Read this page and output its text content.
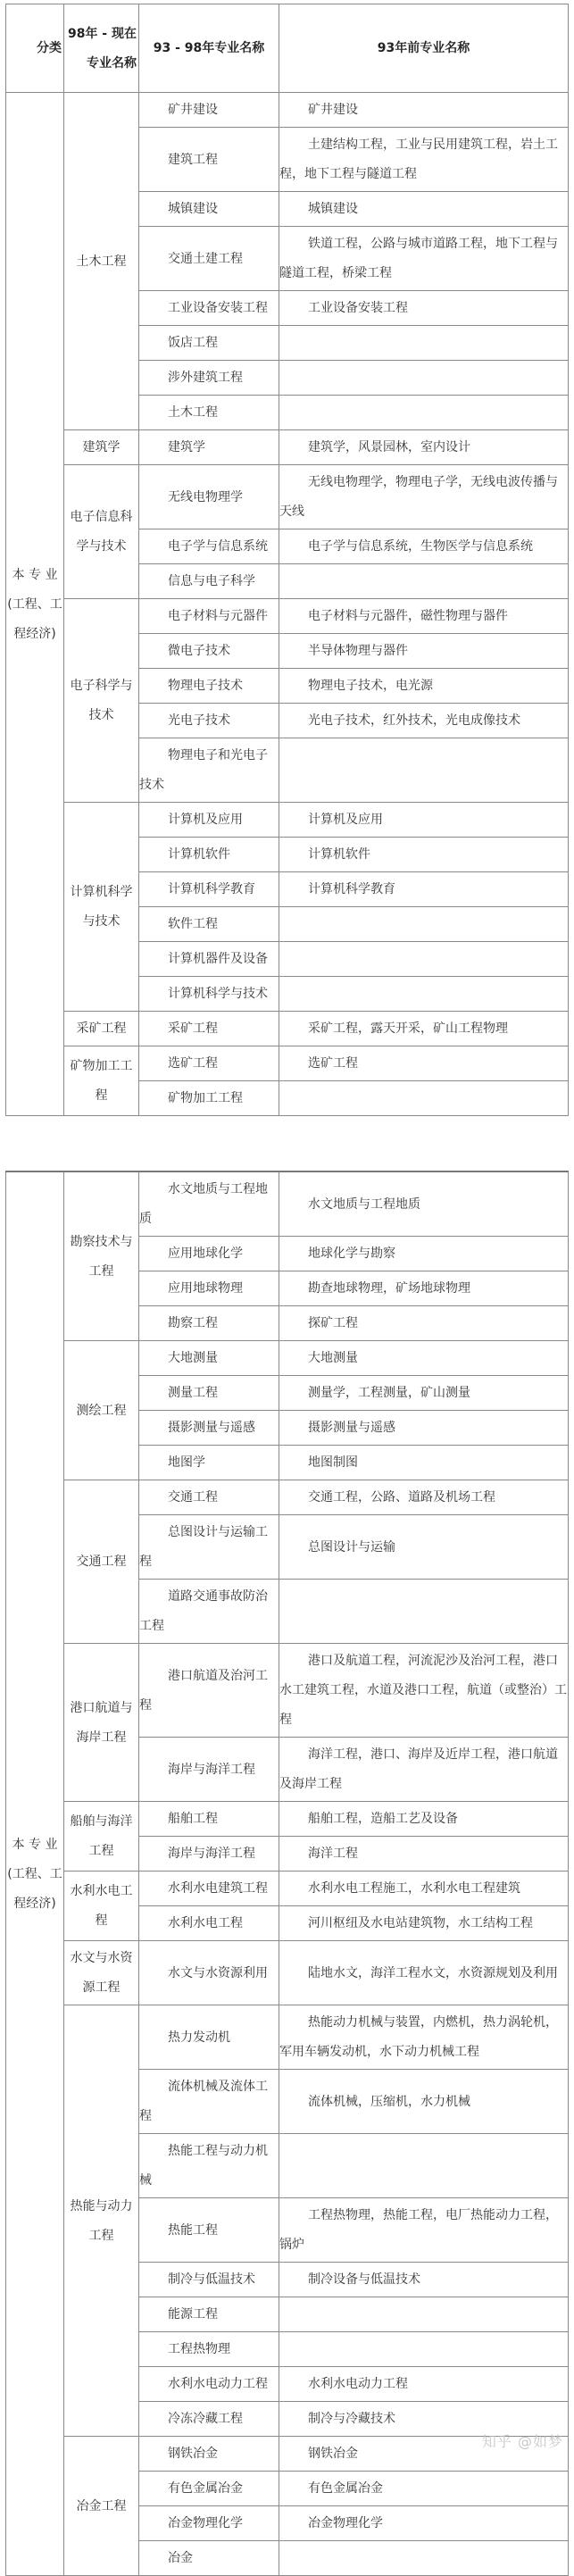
分类	98年 - 现在专业名称	93 - 98年专业名称	93年前专业名称
本 专 业 (工程、工程经济)	土木工程	矿井建设	矿井建设
		建筑工程	土建结构工程，工业与民用建筑工程，岩土工程，地下工程与隧道工程
		城镇建设	城镇建设
		交通土建工程	铁道工程，公路与城市道路工程，地下工程与隧道工程，桥梁工程
		工业设备安装工程	工业设备安装工程
		饭店工程	
		涉外建筑工程	
		土木工程	
	建筑学	建筑学	建筑学，风景园林，室内设计
	电子信息科学与技术	无线电物理学	无线电物理学，物理电子学，无线电波传播与天线
		电子学与信息系统	电子学与信息系统，生物医学与信息系统
		信息与电子科学	
	电子科学与技术	电子材料与元器件	电子材料与元器件，磁性物理与器件
		微电子技术	半导体物理与器件
		物理电子技术	物理电子技术，电光源
		光电子技术	光电子技术，红外技术，光电成像技术
		物理电子和光电子技术	
	计算机科学与技术	计算机及应用	计算机及应用
		计算机软件	计算机软件
		计算机科学教育	计算机科学教育
		软件工程	
		计算机器件及设备	
		计算机科学与技术	
	采矿工程	采矿工程	采矿工程，露天开采，矿山工程物理
	矿物加工工程	选矿工程	选矿工程
		矿物加工工程	
本 专 业 (工程、工程经济)	勘察技术与工程	水文地质与工程地质	水文地质与工程地质
		应用地球化学	地球化学与勘察
		应用地球物理	勘查地球物理，矿场地球物理
		勘察工程	探矿工程
	测绘工程	大地测量	大地测量
		测量工程	测量学，工程测量，矿山测量
		摄影测量与遥感	摄影测量与遥感
		地图学	地图制图
	交通工程	交通工程	交通工程，公路、道路及机场工程
		总图设计与运输工程	总图设计与运输
		道路交通事故防治工程	
	港口航道与海岸工程	港口航道及治河工程	港口及航道工程，河流泥沙及治河工程，港口水工建筑工程，水道及港口工程，航道（或整治）工程
		海岸与海洋工程	海洋工程，港口、海岸及近岸工程，港口航道及海岸工程
	船舶与海洋工程	船舶工程	船舶工程，造船工艺及设备
		海岸与海洋工程	海洋工程
	水利水电工程	水利水电建筑工程	水利水电工程施工，水利水电工程建筑
		水利水电工程	河川枢纽及水电站建筑物，水工结构工程
	水文与水资源工程	水文与水资源利用	陆地水文，海洋工程水文，水资源规划及利用
	热能与动力工程	热力发动机	热能动力机械与装置，内燃机，热力涡轮机，军用车辆发动机，水下动力机械工程
		流体机械及流体工程	流体机械，压缩机，水力机械
		热能工程与动力机械	
		热能工程	工程热物理，热能工程，电厂热能动力工程，锅炉
		制冷与低温技术	制冷设备与低温技术
		能源工程	
		工程热物理	
		水利水电动力工程	水利水电动力工程
		冷冻冷藏工程	制冷与冷藏技术
	冶金工程	钢铁冶金	钢铁冶金
		有色金属冶金	有色金属冶金
		冶金物理化学	冶金物理化学
		冶金	
知乎 @如梦
